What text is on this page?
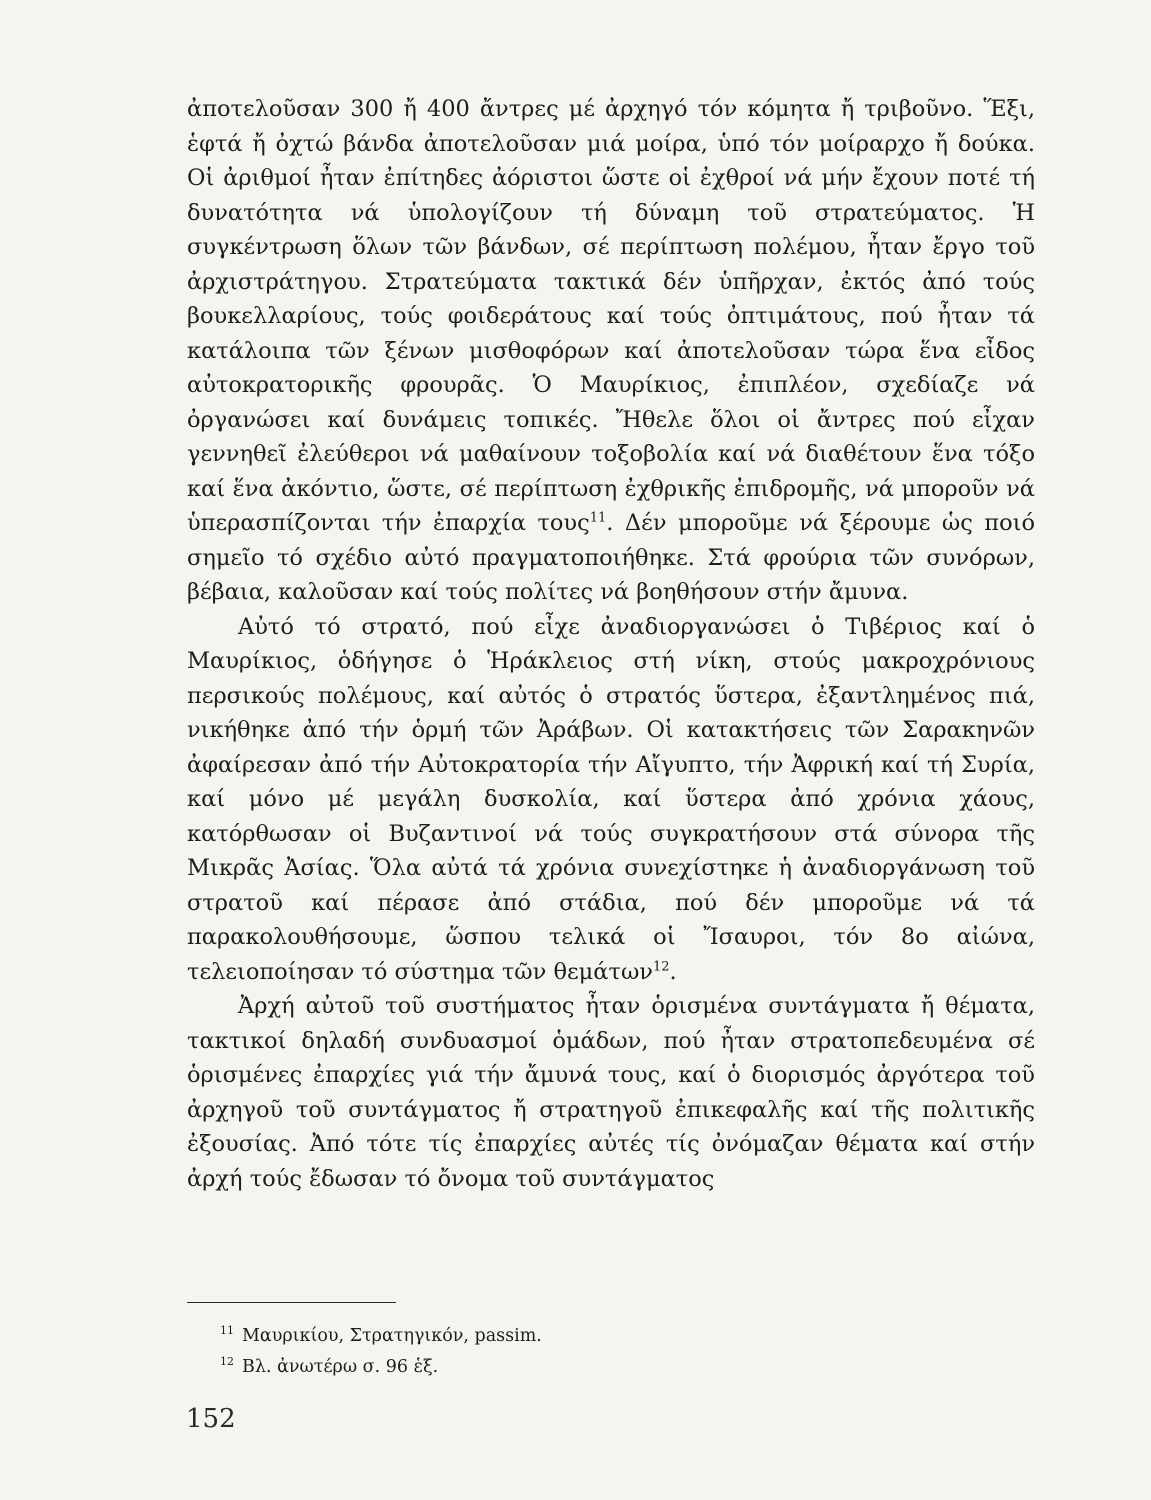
ἀποτελοῦσαν 300 ἤ 400 ἄντρες μέ ἀρχηγό τόν κόμητα ἤ τριβοῦνο. Ἕξι, ἑφτά ἤ ὀχτώ βάνδα ἀποτελοῦσαν μιά μοίρα, ὑπό τόν μοίραρχο ἤ δούκα. Οἱ ἀριθμοί ἦταν ἐπίτηδες ἀόριστοι ὥστε οἱ ἐχθροί νά μήν ἔχουν ποτέ τή δυνατότητα νά ὑπολογίζουν τή δύναμη τοῦ στρατεύματος. Ἡ συγκέντρωση ὅλων τῶν βάνδων, σέ περίπτωση πολέμου, ἦταν ἔργο τοῦ ἀρχιστράτηγου. Στρατεύματα τακτικά δέν ὑπῆρχαν, ἐκτός ἀπό τούς βουκελλαρίους, τούς φοιδεράτους καί τούς ὀπτιμάτους, πού ἦταν τά κατάλοιπα τῶν ξένων μισθοφόρων καί ἀποτελοῦσαν τώρα ἕνα εἶδος αὐτοκρατορικῆς φρουρᾶς. Ὁ Μαυρίκιος, ἐπιπλέον, σχεδίαζε νά ὀργανώσει καί δυνάμεις τοπικές. Ἤθελε ὅλοι οἱ ἄντρες πού εἶχαν γεννηθεῖ ἐλεύθεροι νά μαθαίνουν τοξοβολία καί νά διαθέτουν ἕνα τόξο καί ἕνα ἀκόντιο, ὥστε, σέ περίπτωση ἐχθρικῆς ἐπιδρομῆς, νά μποροῦν νά ὑπερασπίζονται τήν ἐπαρχία τους$^{11}$. Δέν μποροῦμε νά ξέρουμε ὡς ποιό σημεῖο τό σχέδιο αὐτό πραγματοποιήθηκε. Στά φρούρια τῶν συνόρων, βέβαια, καλοῦσαν καί τούς πολίτες νά βοηθήσουν στήν ἄμυνα.

Αὐτό τό στρατό, πού εἶχε ἀναδιοργανώσει ὁ Τιβέριος καί ὁ Μαυρίκιος, ὁδήγησε ὁ Ἡράκλειος στή νίκη, στούς μακροχρόνιους περσικούς πολέμους, καί αὐτός ὁ στρατός ὕστερα, ἐξαντλημένος πιά, νικήθηκε ἀπό τήν ὁρμή τῶν Ἀράβων. Οἱ κατακτήσεις τῶν Σαρακηνῶν ἀφαίρεσαν ἀπό τήν Αὐτοκρατορία τήν Αἴγυπτο, τήν Ἀφρική καί τή Συρία, καί μόνο μέ μεγάλη δυσκολία, καί ὕστερα ἀπό χρόνια χάους, κατόρθωσαν οἱ Βυζαντινοί νά τούς συγκρατήσουν στά σύνορα τῆς Μικρᾶς Ἀσίας. Ὅλα αὐτά τά χρόνια συνεχίστηκε ἡ ἀναδιοργάνωση τοῦ στρατοῦ καί πέρασε ἀπό στάδια, πού δέν μποροῦμε νά τά παρακολουθήσουμε, ὥσπου τελικά οἱ Ἴσαυροι, τόν 8ο αἰώνα, τελειοποίησαν τό σύστημα τῶν θεμάτων$^{12}$.

Ἀρχή αὐτοῦ τοῦ συστήματος ἦταν ὁρισμένα συντάγματα ἤ θέματα, τακτικοί δηλαδή συνδυασμοί ὁμάδων, πού ἦταν στρατοπεδευμένα σέ ὁρισμένες ἐπαρχίες γιά τήν ἄμυνά τους, καί ὁ διορισμός ἀργότερα τοῦ ἀρχηγοῦ τοῦ συντάγματος ἤ στρατηγοῦ ἐπικεφαλῆς καί τῆς πολιτικῆς ἐξουσίας. Ἀπό τότε τίς ἐπαρχίες αὐτές τίς ὀνόμαζαν θέματα καί στήν ἀρχή τούς ἔδωσαν τό ὄνομα τοῦ συντάγματος

$^{11}$ Μαυρικίου, Στρατηγικόν, passim.
$^{12}$ Βλ. ἀνωτέρω σ. 96 ἑξ.
152
